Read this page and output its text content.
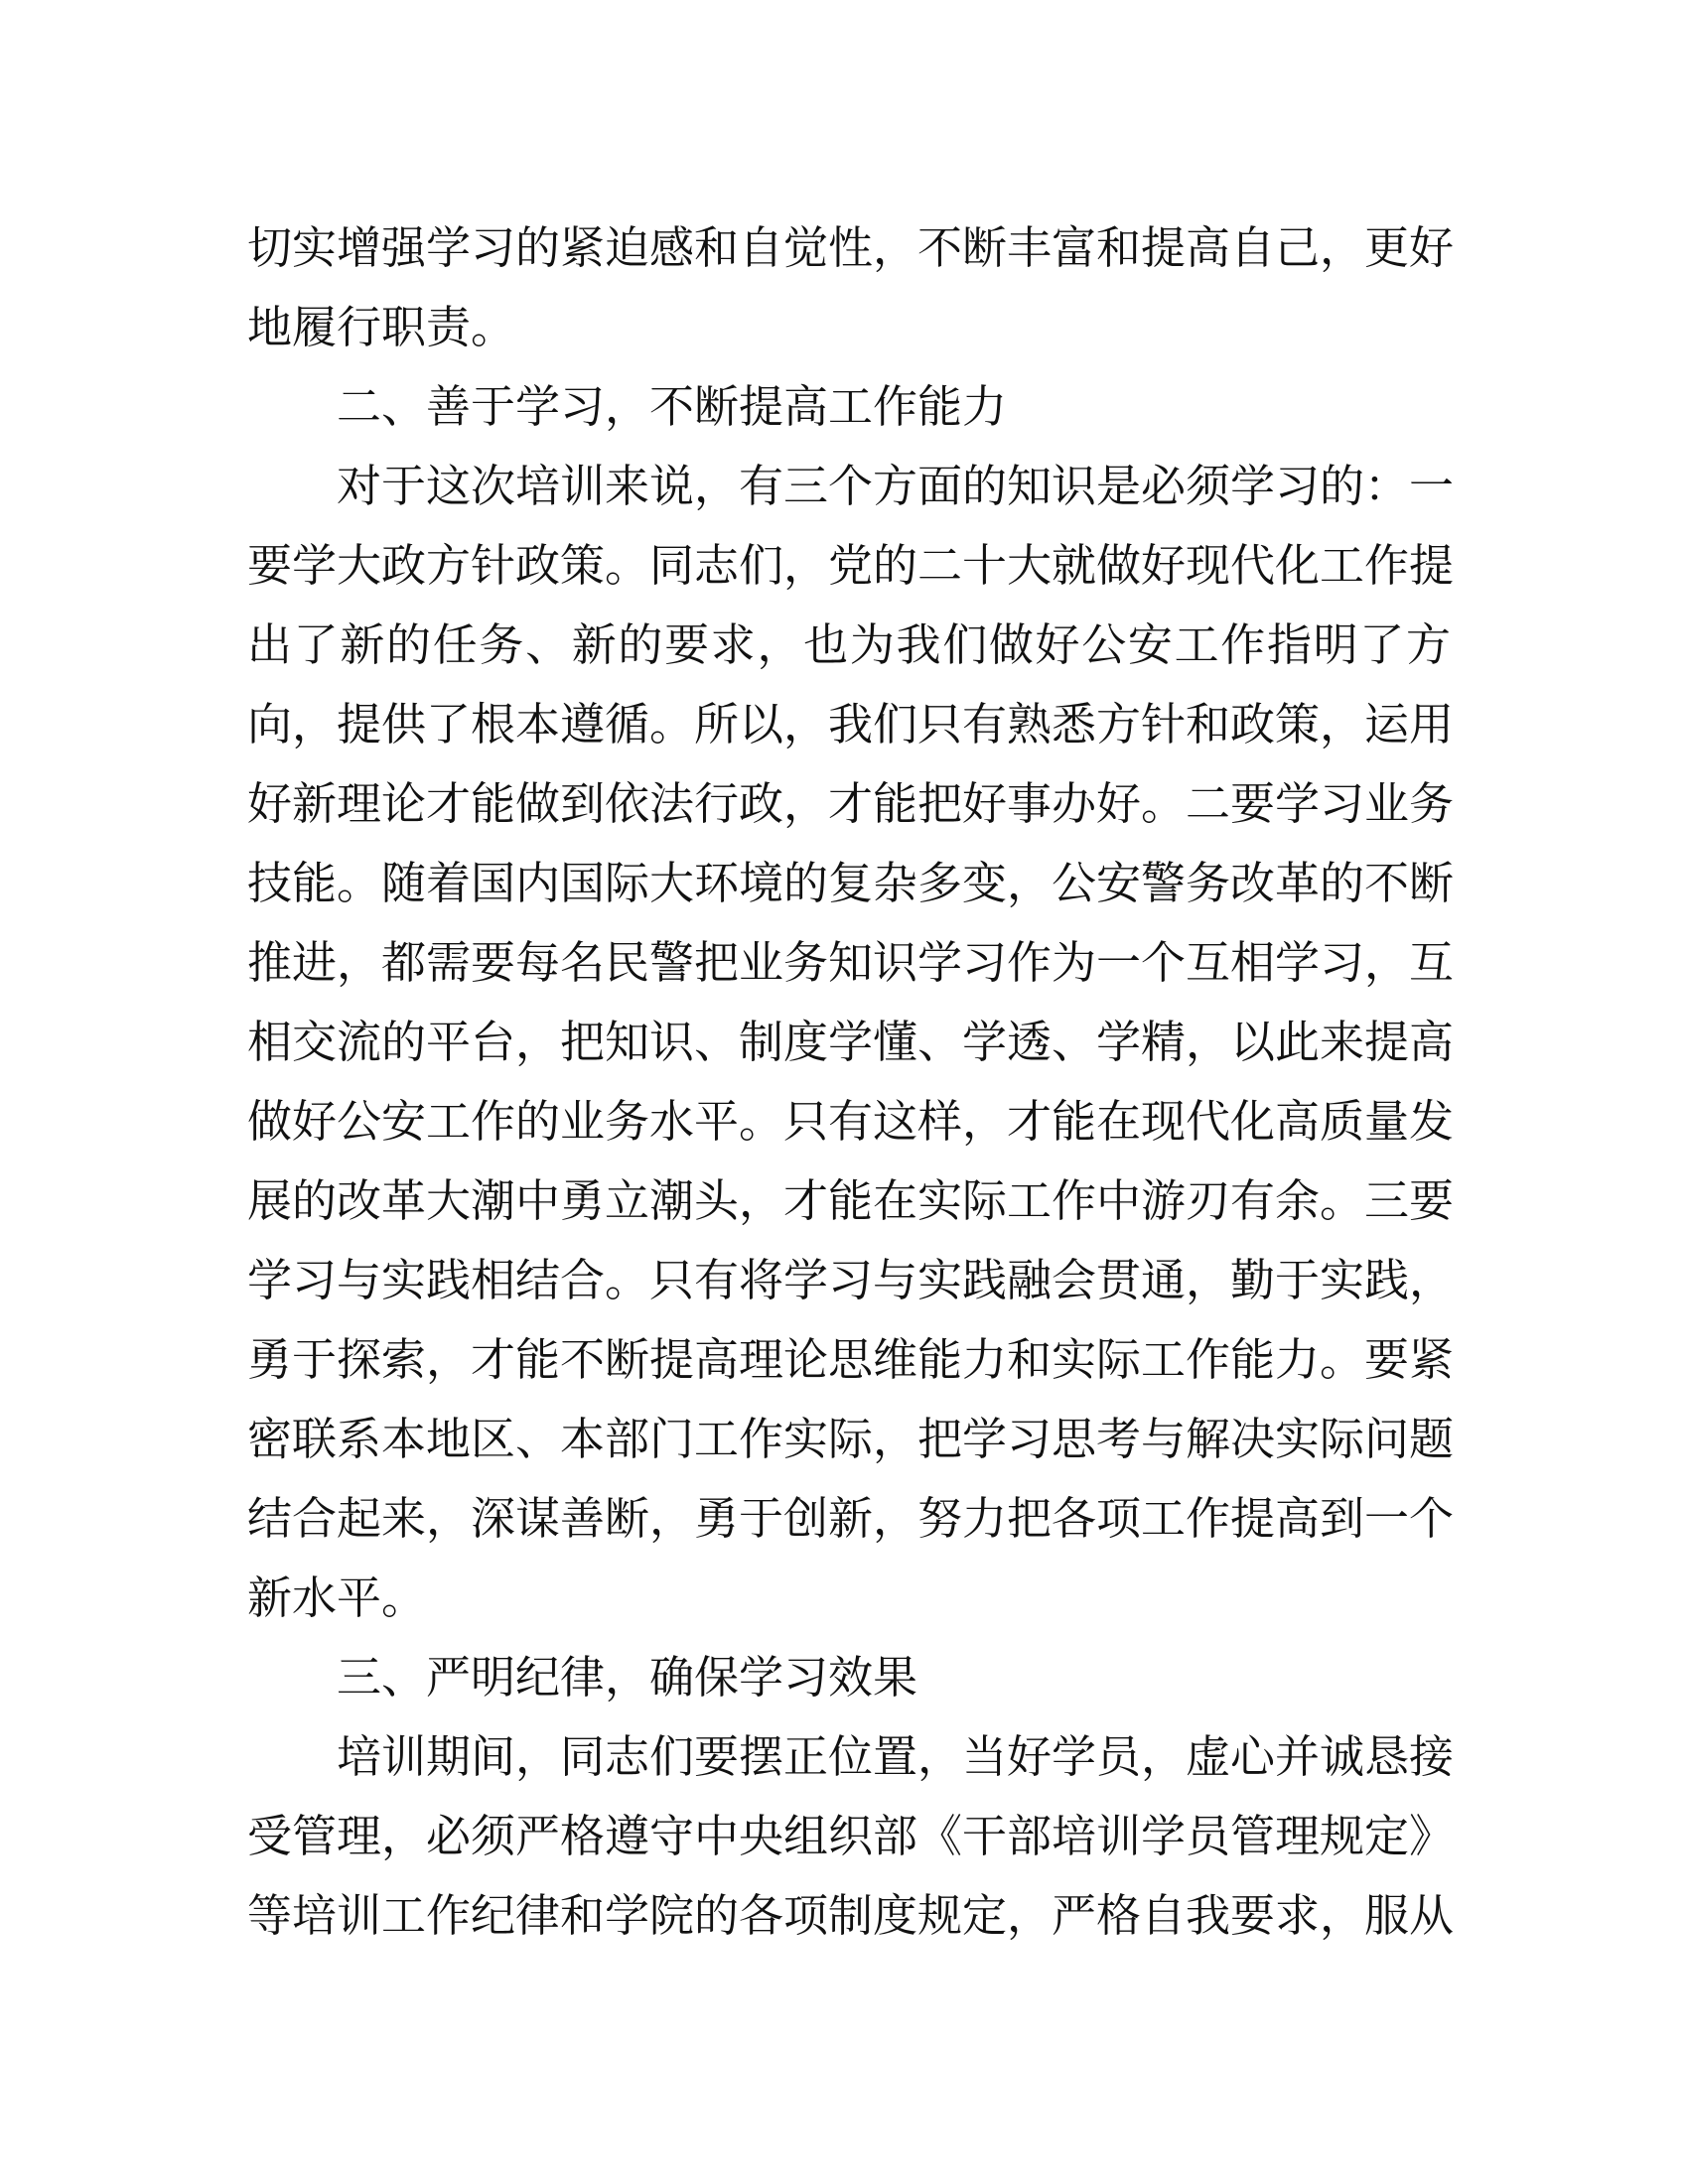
切实增强学习的紧迫感和自觉性，不断丰富和提高自己，更好
地履行职责。
二、善于学习，不断提高工作能力
对于这次培训来说，有三个方面的知识是必须学习的：一
要学大政方针政策。同志们，党的二十大就做好现代化工作提
出了新的任务、新的要求，也为我们做好公安工作指明了方
向，提供了根本遵循。所以，我们只有熟悉方针和政策，运用
好新理论才能做到依法行政，才能把好事办好。二要学习业务
技能。随着国内国际大环境的复杂多变，公安警务改革的不断
推进，都需要每名民警把业务知识学习作为一个互相学习，互
相交流的平台，把知识、制度学懂、学透、学精，以此来提高
做好公安工作的业务水平。只有这样，才能在现代化高质量发
展的改革大潮中勇立潮头，才能在实际工作中游刃有余。三要
学习与实践相结合。只有将学习与实践融会贯通，勤于实践，
勇于探索，才能不断提高理论思维能力和实际工作能力。要紧
密联系本地区、本部门工作实际，把学习思考与解决实际问题
结合起来，深谋善断，勇于创新，努力把各项工作提高到一个
新水平。
三、严明纪律，确保学习效果
培训期间，同志们要摆正位置，当好学员，虚心并诚恳接
受管理，必须严格遵守中央组织部《干部培训学员管理规定》
等培训工作纪律和学院的各项制度规定，严格自我要求，服从
